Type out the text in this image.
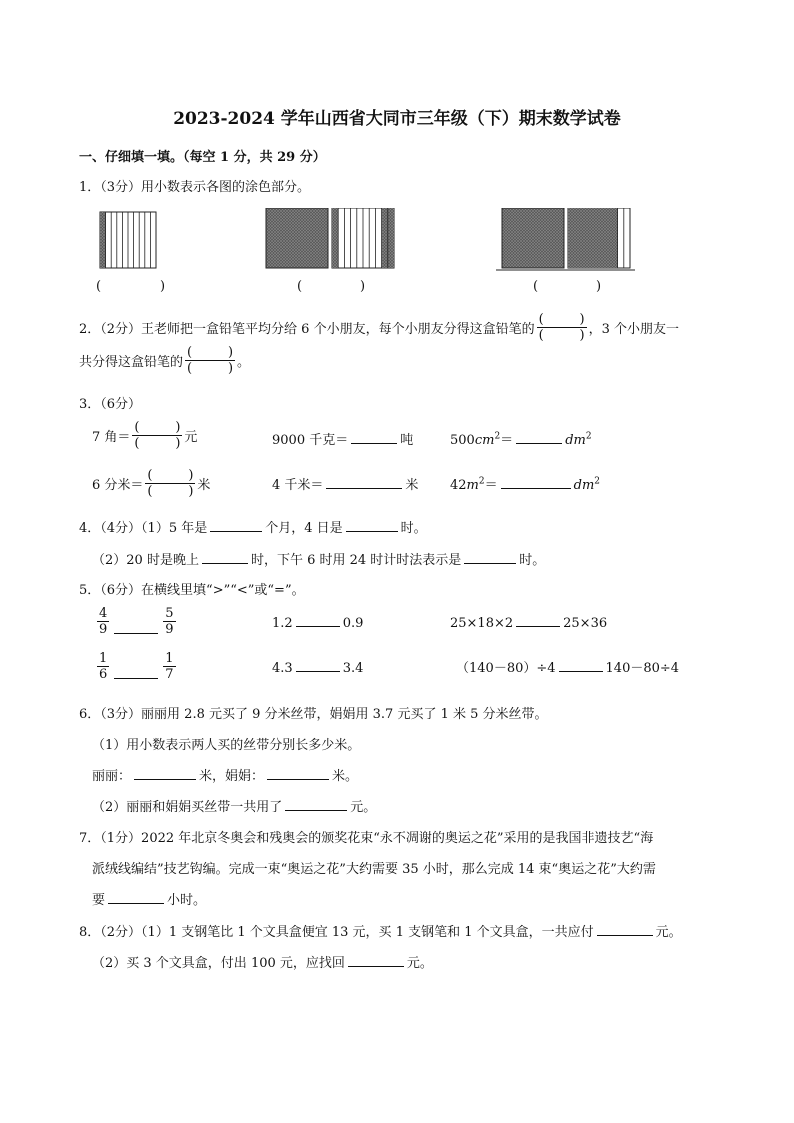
2023-2024 学年山西省大同市三年级（下）期末数学试卷
一、仔细填一填。（每空 1 分，共 29 分）
1．（3分）用小数表示各图的涂色部分。
(	)	(	)	(	)
2．（2分）王老师把一盒铅笔平均分给 6 个小朋友，每个小朋友分得这盒铅笔的 (	)
(	) ，3 个小朋友一
共分得这盒铅笔的 (	)
(	) 。
3．（6分）
7 角＝ (	)
(	) 元	9000 千克＝	吨	$500cm^2=$	$dm^2$
6 分米＝ (	)
(	) 米	4 千米＝	米 $42m^2=$	$dm^2$
4．（4分）（1）5 年是	个月，4 日是	时。
（2）20 时是晚上	时，下午 6 时用 24 时计时法表示是	时。
5．（6分）在横线里填“>”“<”或“=”。
$\frac{4}{9}$	$\frac{5}{9}$	1.2	0.9	25×18×2	25×36
$\frac{1}{6}$	$\frac{1}{7}$	4.3	3.4	（140－80）÷4	140－80÷4
6．（3分）丽丽用 2.8 元买了 9 分米丝带，娟娟用 3.7 元买了 1 米 5 分米丝带。
（1）用小数表示两人买的丝带分别长多少米。
丽丽：	米，娟娟：	米。
（2）丽丽和娟娟买丝带一共用了	元。
7．（1分）2022 年北京冬奥会和残奥会的颁奖花束“永不凋谢的奥运之花”采用的是我国非遗技艺“海
派绒线编结”技艺钩编。完成一束“奥运之花”大约需要 35 小时，那么完成 14 束“奥运之花”大约需
要	小时。
8．（2分）（1）1 支钢笔比 1 个文具盒便宜 13 元，买 1 支钢笔和 1 个文具盒，一共应付	元。
（2）买 3 个文具盒，付出 100 元，应找回	元。
